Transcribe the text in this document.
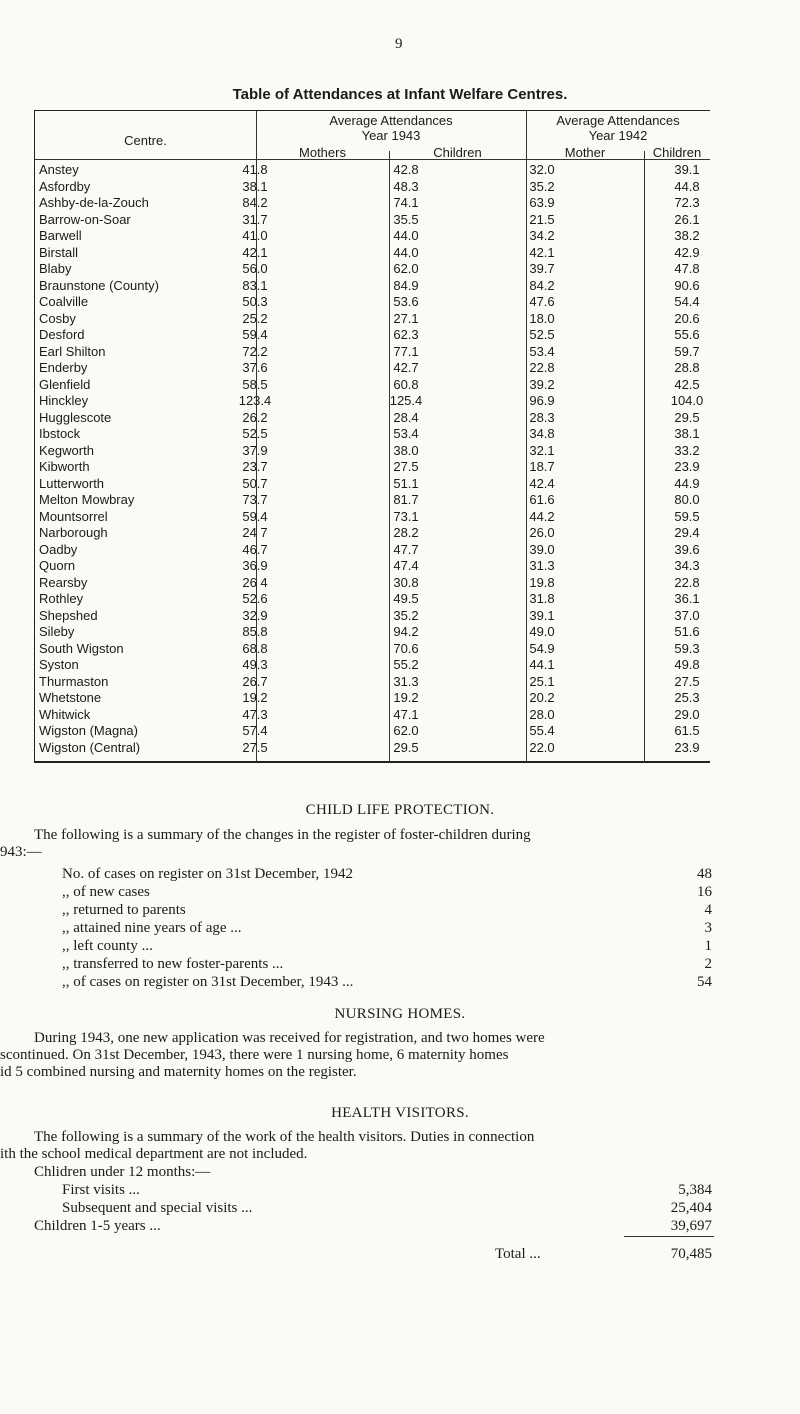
9
Table of Attendances at Infant Welfare Centres.
Centre.
Average Attendances
Year 1943
Average Attendances
Year 1942
Mothers	Children	Mother	Children
Anstey	41.8	42.8	32.0	39.1
Asfordby	38.1	48.3	35.2	44.8
Ashby-de-la-Zouch	84.2	74.1	63.9	72.3
Barrow-on-Soar	31.7	35.5	21.5	26.1
Barwell	41.0	44.0	34.2	38.2
Birstall	42.1	44.0	42.1	42.9
Blaby	56.0	62.0	39.7	47.8
Braunstone (County)	83.1	84.9	84.2	90.6
Coalville	50.3	53.6	47.6	54.4
Cosby	25.2	27.1	18.0	20.6
Desford	59.4	62.3	52.5	55.6
Earl Shilton	72.2	77.1	53.4	59.7
Enderby	37.6	42.7	22.8	28.8
Glenfield	58.5	60.8	39.2	42.5
Hinckley	123.4	125.4	96.9	104.0
Hugglescote	26.2	28.4	28.3	29.5
Ibstock	52.5	53.4	34.8	38.1
Kegworth	37.9	38.0	32.1	33.2
Kibworth	23.7	27.5	18.7	23.9
Lutterworth	50.7	51.1	42.4	44.9
Melton Mowbray	73.7	81.7	61.6	80.0
Mountsorrel	59.4	73.1	44.2	59.5
Narborough	24 7	28.2	26.0	29.4
Oadby	46.7	47.7	39.0	39.6
Quorn	36.9	47.4	31.3	34.3
Rearsby	26 4	30.8	19.8	22.8
Rothley	52.6	49.5	31.8	36.1
Shepshed	32.9	35.2	39.1	37.0
Sileby	85.8	94.2	49.0	51.6
South Wigston	68.8	70.6	54.9	59.3
Syston	49.3	55.2	44.1	49.8
Thurmaston	26.7	31.3	25.1	27.5
Whetstone	19.2	19.2	20.2	25.3
Whitwick	47.3	47.1	28.0	29.0
Wigston (Magna)	57.4	62.0	55.4	61.5
Wigston (Central)	27.5	29.5	22.0	23.9
CHILD LIFE PROTECTION.
The following is a summary of the changes in the register of foster-children during
943:—
No. of cases on register on 31st December, 1942	48
,, of new cases	16
,, returned to parents	4
,, attained nine years of age ...	3
,, left county ...	1
,, transferred to new foster-parents ...	2
,, of cases on register on 31st December, 1943 ...	54
NURSING HOMES.
During 1943, one new application was received for registration, and two homes were
scontinued. On 31st December, 1943, there were 1 nursing home, 6 maternity homes
id 5 combined nursing and maternity homes on the register.
HEALTH VISITORS.
The following is a summary of the work of the health visitors. Duties in connection
ith the school medical department are not included.
Chlidren under 12 months:—
First visits ...	5,384
Subsequent and special visits ...	25,404
Children 1-5 years ...	39,697
Total ...	70,485
